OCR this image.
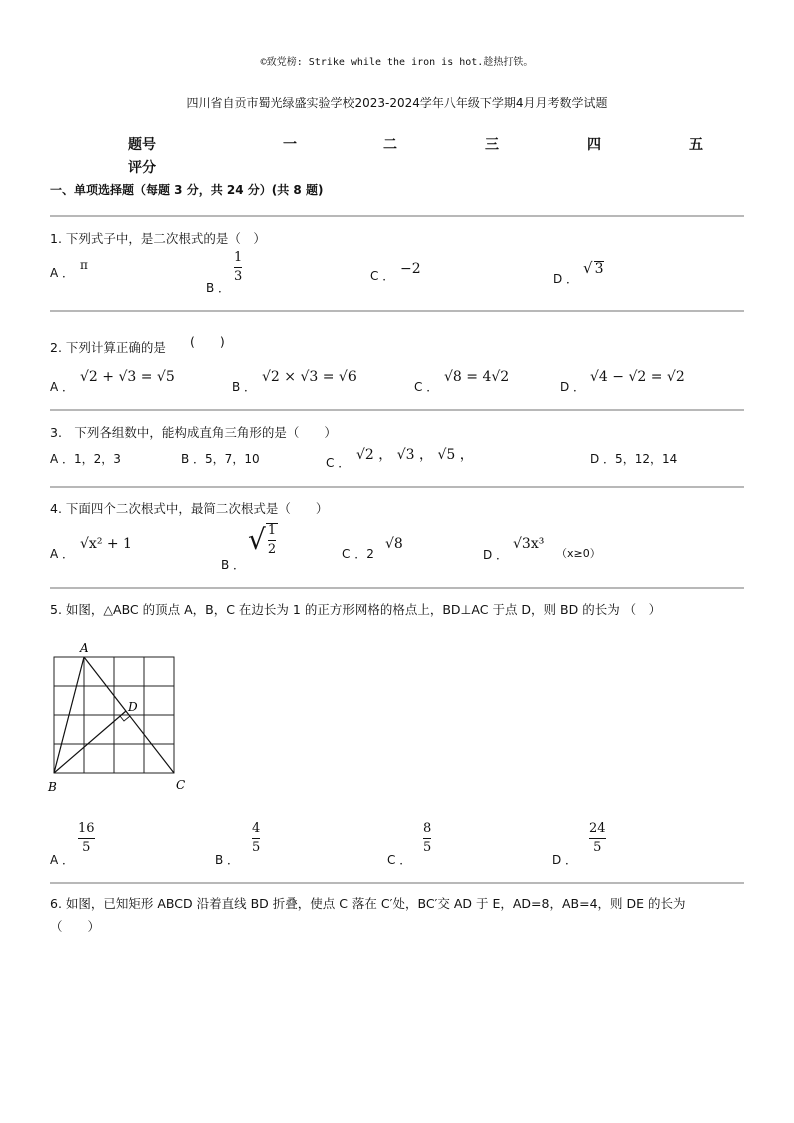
©致党榜: Strike while the iron is hot.趁热打铁。
四川省自贡市蜀光绿盛实验学校2023-2024学年八年级下学期4月月考数学试题
题号	一	二	三	四	五
评分
一、单项选择题（每题 3 分，共 24 分）(共 8 题)
1. 下列式子中，是二次根式的是（　）
A ．
π
B ．
1
3	C ． −2
D ．
√ 3
2. 下列计算正确的是 (　　)
A ．
√2 + √3 = √5
B ．
√2 × √3 = √6
C ．
√8 = 4√2
D ．
√4 − √2 = √2
3.　下列各组数中，能构成直角三角形的是（　　）
A ．1，2，3	B ．5，7，10	C ． √2 ， √3 ， √5 ，	D ．5，12，14
4. 下面四个二次根式中，最简二次根式是（　　）
A ．
√x² + 1
B ．
√ $\frac{1}{2}$	C ．2
√8
D ．
√3x³
（x≥0）
5. 如图，△ABC 的顶点 A，B，C 在边长为 1 的正方形网格的格点上，BD⊥AC 于点 D，则 BD 的长为 （　）
A
B	C
D
A ．
16
5
B ．
4
5
C ．
8
5
D ．
24
5
6. 如图，已知矩形 ABCD 沿着直线 BD 折叠，使点 C 落在 C′处，BC′交 AD 于 E，AD=8，AB=4，则 DE 的长为
（　　）
